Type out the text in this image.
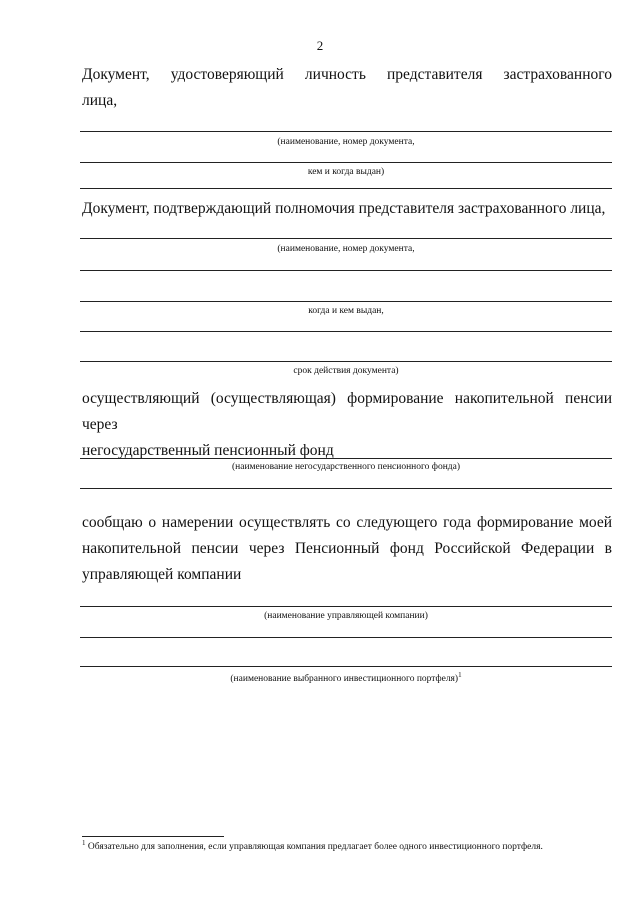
2
Документ, удостоверяющий личность представителя застрахованного
лица,
(наименование, номер документа,
кем и когда выдан)
Документ, подтверждающий полномочия представителя застрахованного лица,
(наименование, номер документа,
когда и кем выдан,
срок действия документа)
осуществляющий (осуществляющая) формирование накопительной пенсии через
негосударственный пенсионный фонд
(наименование негосударственного пенсионного фонда)
сообщаю о намерении осуществлять со следующего года формирование моей
накопительной пенсии через Пенсионный фонд Российской Федерации в
управляющей компании
(наименование управляющей компании)
(наименование выбранного инвестиционного портфеля)$^1$
$^1$ Обязательно для заполнения, если управляющая компания предлагает более одного инвестиционного портфеля.
